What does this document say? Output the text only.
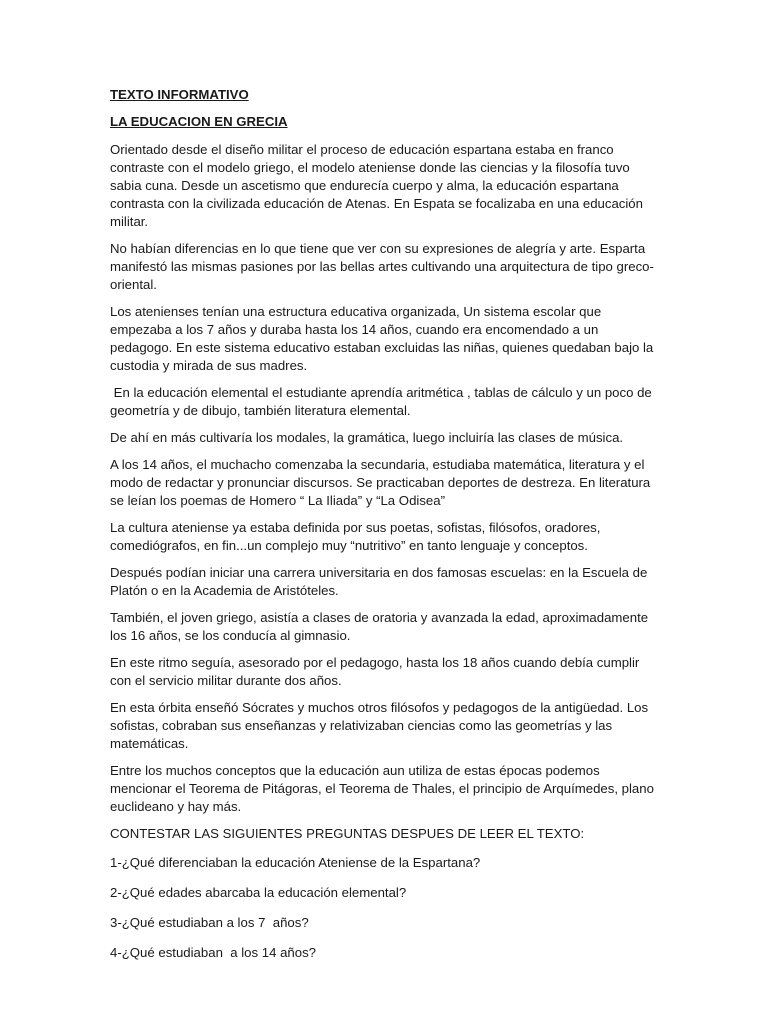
TEXTO INFORMATIVO
LA EDUCACION EN GRECIA
Orientado desde el diseño militar el proceso de educación espartana estaba en franco contraste con el modelo griego, el modelo ateniense donde las ciencias y la filosofía tuvo sabia cuna. Desde un ascetismo que endurecía cuerpo y alma, la educación espartana contrasta con la civilizada educación de Atenas. En Espata se focalizaba en una educación militar.
No habían diferencias en lo que tiene que ver con su expresiones de alegría y arte. Esparta manifestó las mismas pasiones por las bellas artes cultivando una arquitectura de tipo greco-oriental.
Los atenienses tenían una estructura educativa organizada, Un sistema escolar que empezaba a los 7 años y duraba hasta los 14 años, cuando era encomendado a un pedagogo. En este sistema educativo estaban excluidas las niñas, quienes quedaban bajo la custodia y mirada de sus madres.
En la educación elemental el estudiante aprendía aritmética , tablas de cálculo y un poco de geometría y de dibujo, también literatura elemental.
De ahí en más cultivaría los modales, la gramática, luego incluiría las clases de música.
A los 14 años, el muchacho comenzaba la secundaria, estudiaba matemática, literatura y el modo de redactar y pronunciar discursos. Se practicaban deportes de destreza. En literatura se leían los poemas de Homero “ La Iliada” y “La Odisea”
La cultura ateniense ya estaba definida por sus poetas, sofistas, filósofos, oradores, comediógrafos, en fin...un complejo muy “nutritivo” en tanto lenguaje y conceptos.
Después podían iniciar una carrera universitaria en dos famosas escuelas: en la Escuela de Platón o en la Academia de Aristóteles.
También, el joven griego, asistía a clases de oratoria y avanzada la edad, aproximadamente los 16 años, se los conducía al gimnasio.
En este ritmo seguía, asesorado por el pedagogo, hasta los 18 años cuando debía cumplir con el servicio militar durante dos años.
En esta órbita enseñó Sócrates y muchos otros filósofos y pedagogos de la antigüedad. Los sofistas, cobraban sus enseñanzas y relativizaban ciencias como las geometrías y las matemáticas.
Entre los muchos conceptos que la educación aun utiliza de estas épocas podemos mencionar el Teorema de Pitágoras, el Teorema de Thales, el principio de Arquímedes, plano euclideano y hay más.
CONTESTAR LAS SIGUIENTES PREGUNTAS DESPUES DE LEER EL TEXTO:
1-¿Qué diferenciaban la educación Ateniense de la Espartana?
2-¿Qué edades abarcaba la educación elemental?
3-¿Qué estudiaban a los 7  años?
4-¿Qué estudiaban  a los 14 años?
